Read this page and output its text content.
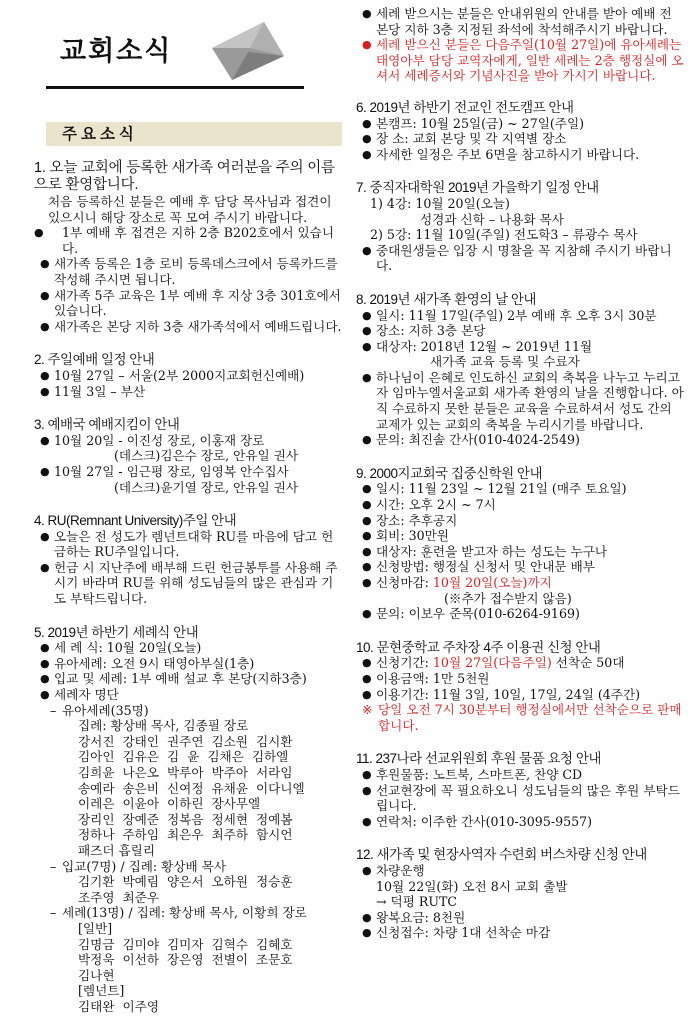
교회소식
주요소식
1. 오늘 교회에 등록한 새가족 여러분을 주의 이름으로 환영합니다.
처음 등록하신 분들은 예배 후 담당 목사님과 접견이 있으시니 해당 장소로 꼭 모여 주시기 바랍니다.
● 1부 예배 후 접견은 지하 2층 B202호에서 있습니다.
● 새가족 등록은 1층 로비 등록데스크에서 등록카드를 작성해 주시면 됩니다.
● 새가족 5주 교육은 1부 예배 후 지상 3층 301호에서 있습니다.
● 새가족은 본당 지하 3층 새가족석에서 예배드립니다.
2. 주일예배 일정 안내
● 10월 27일 – 서울(2부 2000지교회헌신예배)
● 11월 3일 – 부산
3. 예배국 예배지킴이 안내
● 10월 20일 - 이진성 장로, 이홍재 장로
(데스크)김은수 장로, 안유일 권사
● 10월 27일 - 임근평 장로, 임영복 안수집사
(데스크)윤기열 장로, 안유일 권사
4. RU(Remnant University)주일 안내
● 오늘은 전 성도가 렘넌트대학 RU를 마음에 담고 헌금하는 RU주일입니다.
● 헌금 시 지난주에 배부해 드린 헌금봉투를 사용해 주시기 바라며 RU를 위해 성도님들의 많은 관심과 기도 부탁드립니다.
5. 2019년 하반기 세례식 안내
● 세 례 식: 10월 20일(오늘)
● 유아세례: 오전 9시 태영아부실(1층)
● 입교 및 세례: 1부 예배 설교 후 본당(지하3층)
● 세례자 명단
– 유아세례(35명)
집례: 황상배 목사, 김종필 장로
강서진  강태인  권주연  김소원  김시환
김아인  김유은  김  윤  김채은  김하엘
김희윤  나은오  박루아  박주아  서라임
송예라  송은비  신여정  유채윤  이다니엘
이레은  이윤아  이하린  장사무엘
장리인  장예준  정복음  정세현  정예봄
정하나  주하임  최은우  최주하  함시언
패즈더 흡릴리
– 입교(7명) / 집례: 황상배 목사
김기환  박예림  양은서  오하원  정승훈
조주영  최준우
– 세례(13명) / 집례: 황상배 목사, 이황희 장로
[일반]
김명금  김미야  김미자  김혁수  김혜호
박정욱  이선하  장은영  전별이  조문호
김나현
[렘넌트]
김태완  이주영
● 세례 받으시는 분들은 안내위원의 안내를 받아 예배 전 본당 지하 3층 지정된 좌석에 착석해주시기 바랍니다.
● 세례 받으신 분들은 다음주일(10월 27일)에 유아세례는 태영아부 담당 교역자에게, 일반 세례는 2층 행정실에 오셔서 세례증서와 기념사진을 받아 가시기 바랍니다.
6. 2019년 하반기 전교인 전도캠프 안내
● 본캠프: 10월 25일(금) ~ 27일(주일)
● 장 소: 교회 본당 및 각 지역별 장소
● 자세한 일정은 주보 6면을 참고하시기 바랍니다.
7. 중직자대학원 2019년 가을학기 일정 안내
1) 4강: 10월 20일(오늘)
성경과 신학 – 나용화 목사
2) 5강: 11월 10일(주일) 전도학3 – 류광수 목사
● 중대원생들은 입장 시 명찰을 꼭 지참해 주시기 바랍니다.
8. 2019년 새가족 환영의 날 안내
● 일시: 11월 17일(주일) 2부 예배 후 오후 3시 30분
● 장소: 지하 3층 본당
● 대상자: 2018년 12월 ~ 2019년 11월
새가족 교육 등록 및 수료자
● 하나님이 은혜로 인도하신 교회의 축복을 나누고 누리고자 임마누엘서울교회 새가족 환영의 날을 진행합니다. 아직 수료하지 못한 분들은 교육을 수료하셔서 성도 간의 교제가 있는 교회의 축복을 누리시기를 바랍니다.
● 문의: 최진솔 간사(010-4024-2549)
9. 2000지교회국 집중신학원 안내
● 일시: 11월 23일 ~ 12월 21일 (매주 토요일)
● 시간: 오후 2시 ~ 7시
● 장소: 추후공지
● 회비: 30만원
● 대상자: 훈련을 받고자 하는 성도는 누구나
● 신청방법: 행정실 신청서 및 안내문 배부
● 신청마감: 10월 20일(오늘)까지
(※추가 접수받지 않음)
● 문의: 이보우 준목(010-6264-9169)
10. 문현중학교 주차장 4주 이용권 신청 안내
● 신청기간: 10월 27일(다음주일) 선착순 50대
● 이용금액: 1만 5천원
● 이용기간: 11월 3일, 10일, 17일, 24일 (4주간)
※ 당일 오전 7시 30분부터 행정실에서만 선착순으로 판매합니다.
11. 237나라 선교위원회 후원 물품 요청 안내
● 후원물품: 노트북, 스마트폰, 찬양 CD
● 선교현장에 꼭 필요하오니 성도님들의 많은 후원 부탁드립니다.
● 연락처: 이주한 간사(010-3095-9557)
12. 새가족 및 현장사역자 수련회 버스차량 신청 안내
● 차량운행
10월 22일(화) 오전 8시 교회 출발
→ 덕평 RUTC
● 왕복요금: 8천원
● 신청접수: 차량 1대 선착순 마감
